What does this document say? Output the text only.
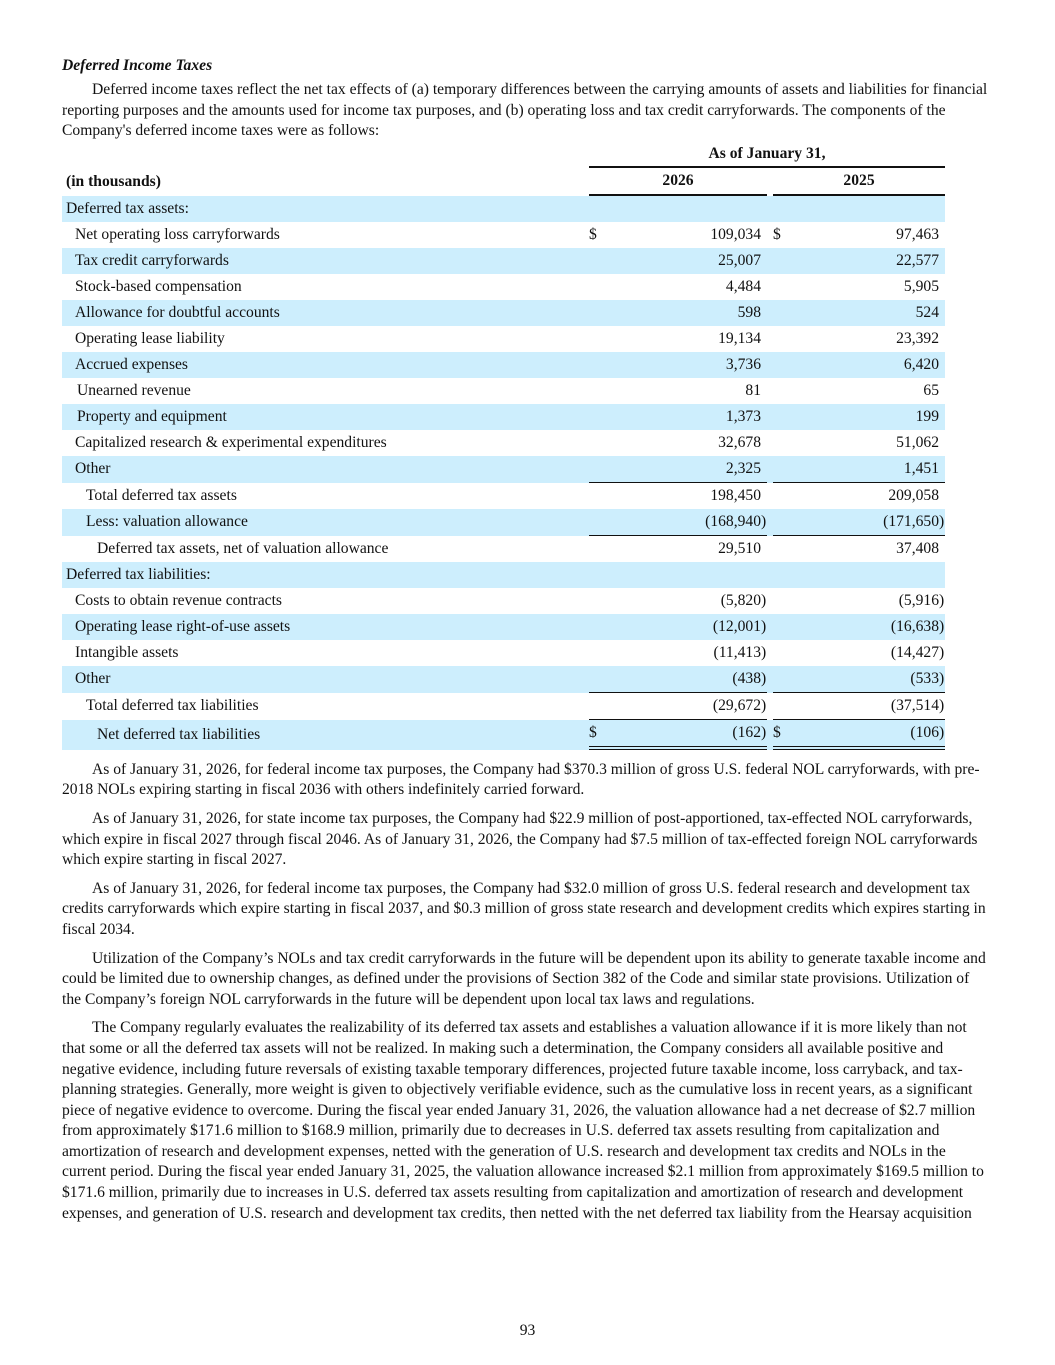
Deferred Income Taxes

Deferred income taxes reflect the net tax effects of (a) temporary differences between the carrying amounts of assets and liabilities for financial reporting purposes and the amounts used for income tax purposes, and (b) operating loss and tax credit carryforwards. The components of the Company's deferred income taxes were as follows:

	As of January 31,						
(in thousands)	2026				2025		
Deferred tax assets:							
Net operating loss carryforwards	$	109,034			$	97,463	
Tax credit carryforwards		25,007				22,577	
Stock-based compensation		4,484				5,905	
Allowance for doubtful accounts		598				524	
Operating lease liability		19,134				23,392	
Accrued expenses		3,736				6,420	
Unearned revenue		81				65	
Property and equipment		1,373				199	
Capitalized research & experimental expenditures		32,678				51,062	
Other		2,325				1,451	
Total deferred tax assets		198,450				209,058	
Less: valuation allowance		(168,940	)			(171,650	)
Deferred tax assets, net of valuation allowance		29,510				37,408	
Deferred tax liabilities:							
Costs to obtain revenue contracts		(5,820	)			(5,916	)
Operating lease right-of-use assets		(12,001	)			(16,638	)
Intangible assets		(11,413	)			(14,427	)
Other		(438	)			(533	)
Total deferred tax liabilities		(29,672	)			(37,514	)
Net deferred tax liabilities	$	(162	)		$	(106	)

As of January 31, 2026, for federal income tax purposes, the Company had $370.3 million of gross U.S. federal NOL carryforwards, with pre-2018 NOLs expiring starting in fiscal 2036 with others indefinitely carried forward.

As of January 31, 2026, for state income tax purposes, the Company had $22.9 million of post-apportioned, tax-effected NOL carryforwards, which expire in fiscal 2027 through fiscal 2046. As of January 31, 2026, the Company had $7.5 million of tax-effected foreign NOL carryforwards which expire starting in fiscal 2027.

As of January 31, 2026, for federal income tax purposes, the Company had $32.0 million of gross U.S. federal research and development tax credits carryforwards which expire starting in fiscal 2037, and $0.3 million of gross state research and development credits which expires starting in fiscal 2034.

Utilization of the Company’s NOLs and tax credit carryforwards in the future will be dependent upon its ability to generate taxable income and could be limited due to ownership changes, as defined under the provisions of Section 382 of the Code and similar state provisions. Utilization of the Company’s foreign NOL carryforwards in the future will be dependent upon local tax laws and regulations.

The Company regularly evaluates the realizability of its deferred tax assets and establishes a valuation allowance if it is more likely than not that some or all the deferred tax assets will not be realized. In making such a determination, the Company considers all available positive and negative evidence, including future reversals of existing taxable temporary differences, projected future taxable income, loss carryback, and tax-planning strategies. Generally, more weight is given to objectively verifiable evidence, such as the cumulative loss in recent years, as a significant piece of negative evidence to overcome. During the fiscal year ended January 31, 2026, the valuation allowance had a net decrease of $2.7 million from approximately $171.6 million to $168.9 million, primarily due to decreases in U.S. deferred tax assets resulting from capitalization and amortization of research and development expenses, netted with the generation of U.S. research and development tax credits and NOLs in the current period. During the fiscal year ended January 31, 2025, the valuation allowance increased $2.1 million from approximately $169.5 million to $171.6 million, primarily due to increases in U.S. deferred tax assets resulting from capitalization and amortization of research and development expenses, and generation of U.S. research and development tax credits, then netted with the net deferred tax liability from the Hearsay acquisition

93
